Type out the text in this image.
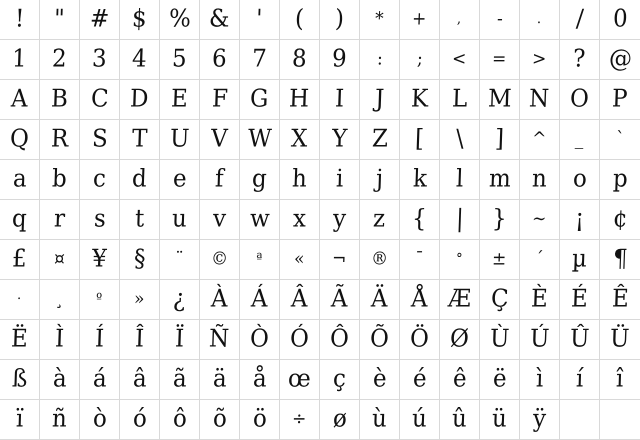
! " # $ % & ' ( ) * + , -	. / 0
1 2 3 4 5 6 7 8 9 : ; < = > ? @
A B C D E F G H I J K L M N O P
Q R S T U V W X Y Z [ \ ] ^ _ `
a b c d e f g h i j k l m n o p
q r s t u v w x y z { | } ~ ¡ ¢
£ ¤ ¥ § ¨ © ª « ¬ ® ¯ ° ± ´ µ ¶
· ¸ º » ¿ À Á Â Ã Ä Å Æ Ç È É Ê
Ë Ì Í Î Ï Ñ Ò Ó Ô Õ Ö Ø Ù Ú Û Ü
ß à á â ã ä å œ ç è é ê ë ì í î
ï ñ ò ó ô õ ö ÷ ø ù ú û ü ÿ
